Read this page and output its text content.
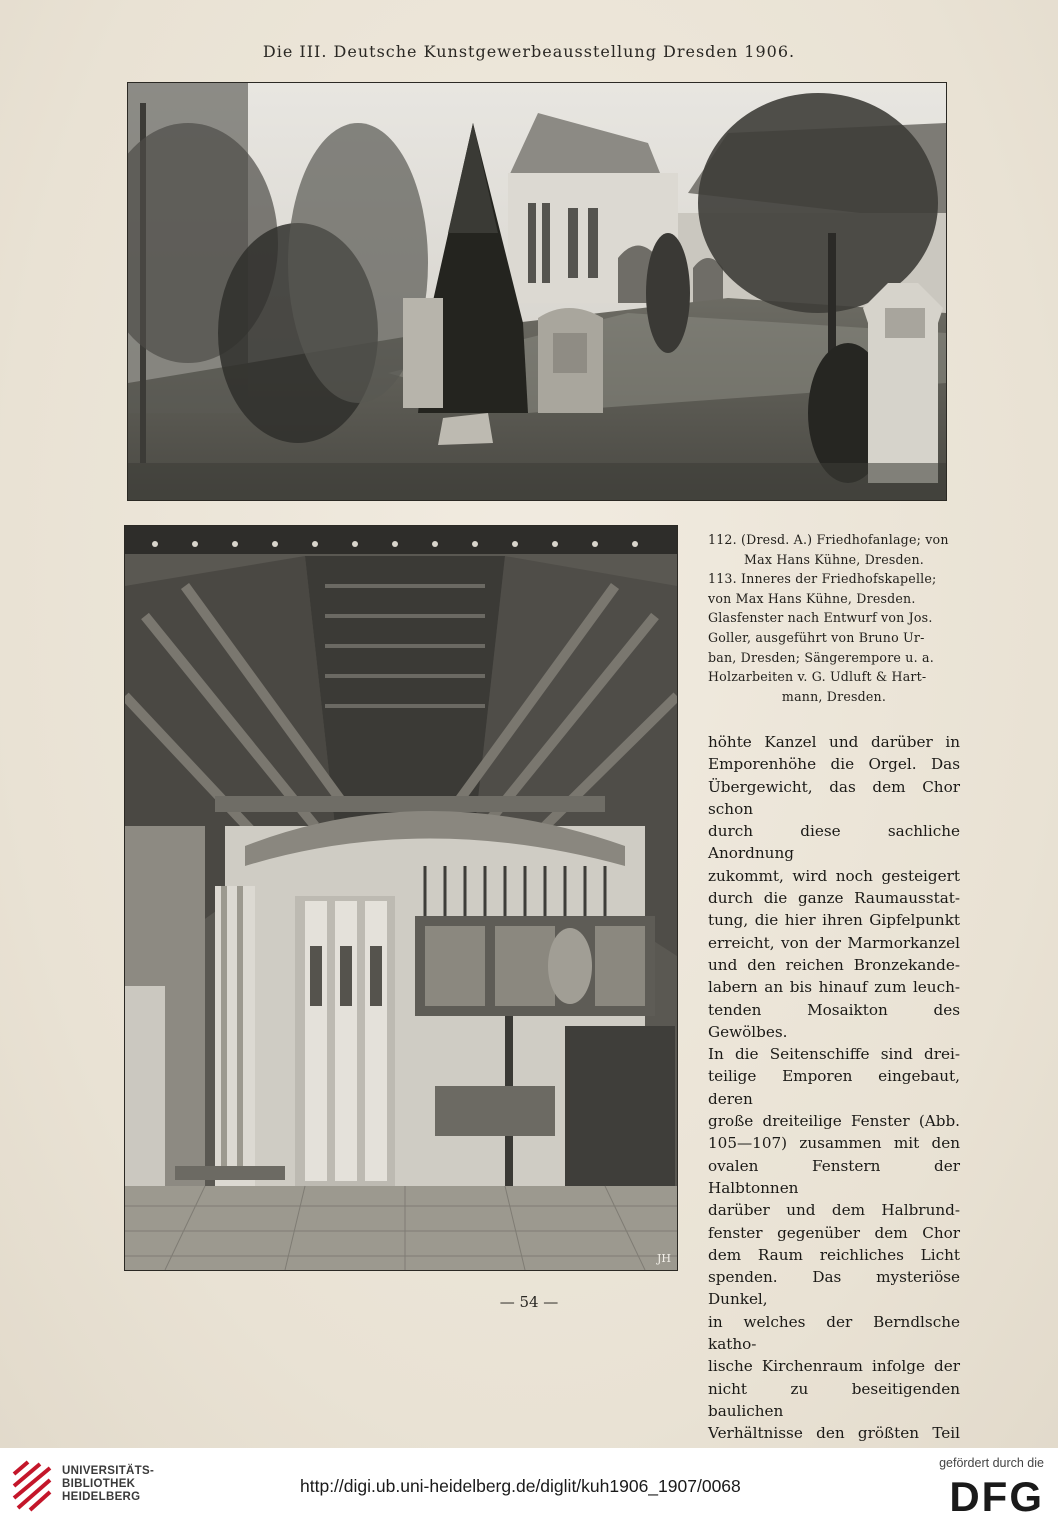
Die III. Deutsche Kunstgewerbeausstellung Dresden 1906.
JH

112. (Dresd. A.) Friedhofanlage; von

Max Hans Kühne, Dresden.

113. Inneres der Friedhofskapelle;

von Max Hans Kühne, Dresden.

Glasfenster nach Entwurf von Jos.

Goller, ausgeführt von Bruno Ur-

ban, Dresden; Sängerempore u. a.

Holzarbeiten v. G. Udluft & Hart-

mann, Dresden.

höhte Kanzel und darüber in

Emporenhöhe die Orgel. Das

Übergewicht, das dem Chor schon

durch diese sachliche Anordnung

zukommt, wird noch gesteigert

durch die ganze Raumausstat-

tung, die hier ihren Gipfelpunkt

erreicht, von der Marmorkanzel

und den reichen Bronzekande-

labern an bis hinauf zum leuch-

tenden Mosaikton des Gewölbes.

In die Seitenschiffe sind drei-

teilige Emporen eingebaut, deren

große dreiteilige Fenster (Abb.

105—107) zusammen mit den

ovalen Fenstern der Halbtonnen

darüber und dem Halbrund-

fenster gegenüber dem Chor

dem Raum reichliches Licht

spenden. Das mysteriöse Dunkel,

in welches der Berndlsche katho-

lische Kirchenraum infolge der

nicht zu beseitigenden baulichen

Verhältnisse den größten Teil

— 54 —
UNIVERSITÄTS-
BIBLIOTHEK
HEIDELBERG
http://digi.ub.uni-heidelberg.de/diglit/kuh1906_1907/0068
gefördert durch die
DFG
